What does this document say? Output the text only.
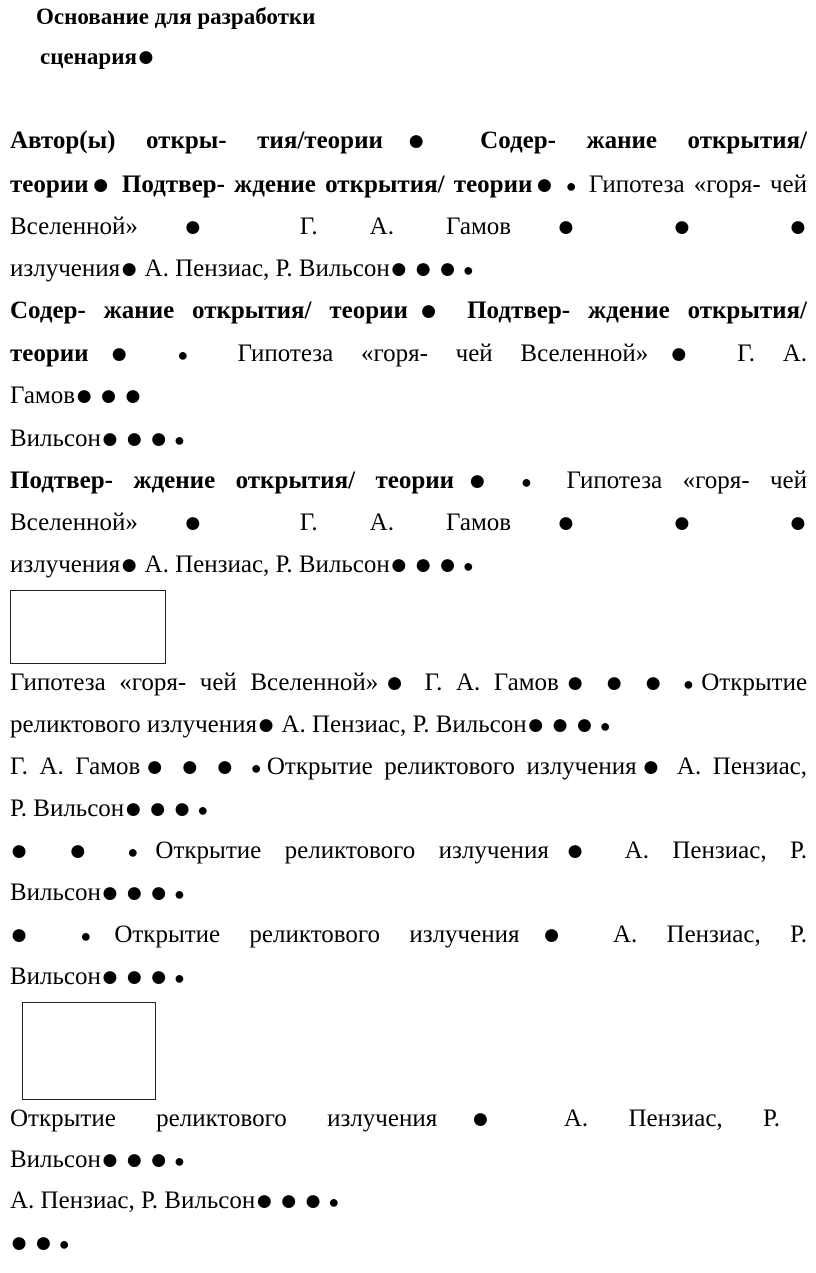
Основание для разработки
сценария●
Автор(ы) откры- тия/теории● Содер- жание открытия/
теории● Подтвер- ждение открытия/ теории● ● Гипотеза «горя- чей
Вселенной»● Г. А. Гамов● ● ●
излучения● А. Пензиас, Р. Вильсон● ● ● ●
Содер- жание открытия/ теории● Подтвер- ждение открытия/
теории● ● Гипотеза «горя- чей Вселенной»● Г. А.
Гамов● ● ●
Вильсон● ● ● ●
Подтвер- ждение открытия/ теории● ● Гипотеза «горя- чей
Вселенной»● Г. А. Гамов● ● ●
излучения● А. Пензиас, Р. Вильсон● ● ● ●
Гипотеза «горя- чей Вселенной»● Г. А. Гамов● ● ● ●Открытие
реликтового излучения● А. Пензиас, Р. Вильсон● ● ● ●
Г. А. Гамов● ● ● ●Открытие реликтового излучения● А. Пензиас,
Р. Вильсон● ● ● ●
● ● ●Открытие реликтового излучения● А. Пензиас, Р.
Вильсон● ● ● ●
● ●Открытие реликтового излучения● А. Пензиас, Р.
Вильсон● ● ● ●
Открытие реликтового излучения● А. Пензиас, Р.
Вильсон● ● ● ●
А. Пензиас, Р. Вильсон● ● ● ●
● ● ●
